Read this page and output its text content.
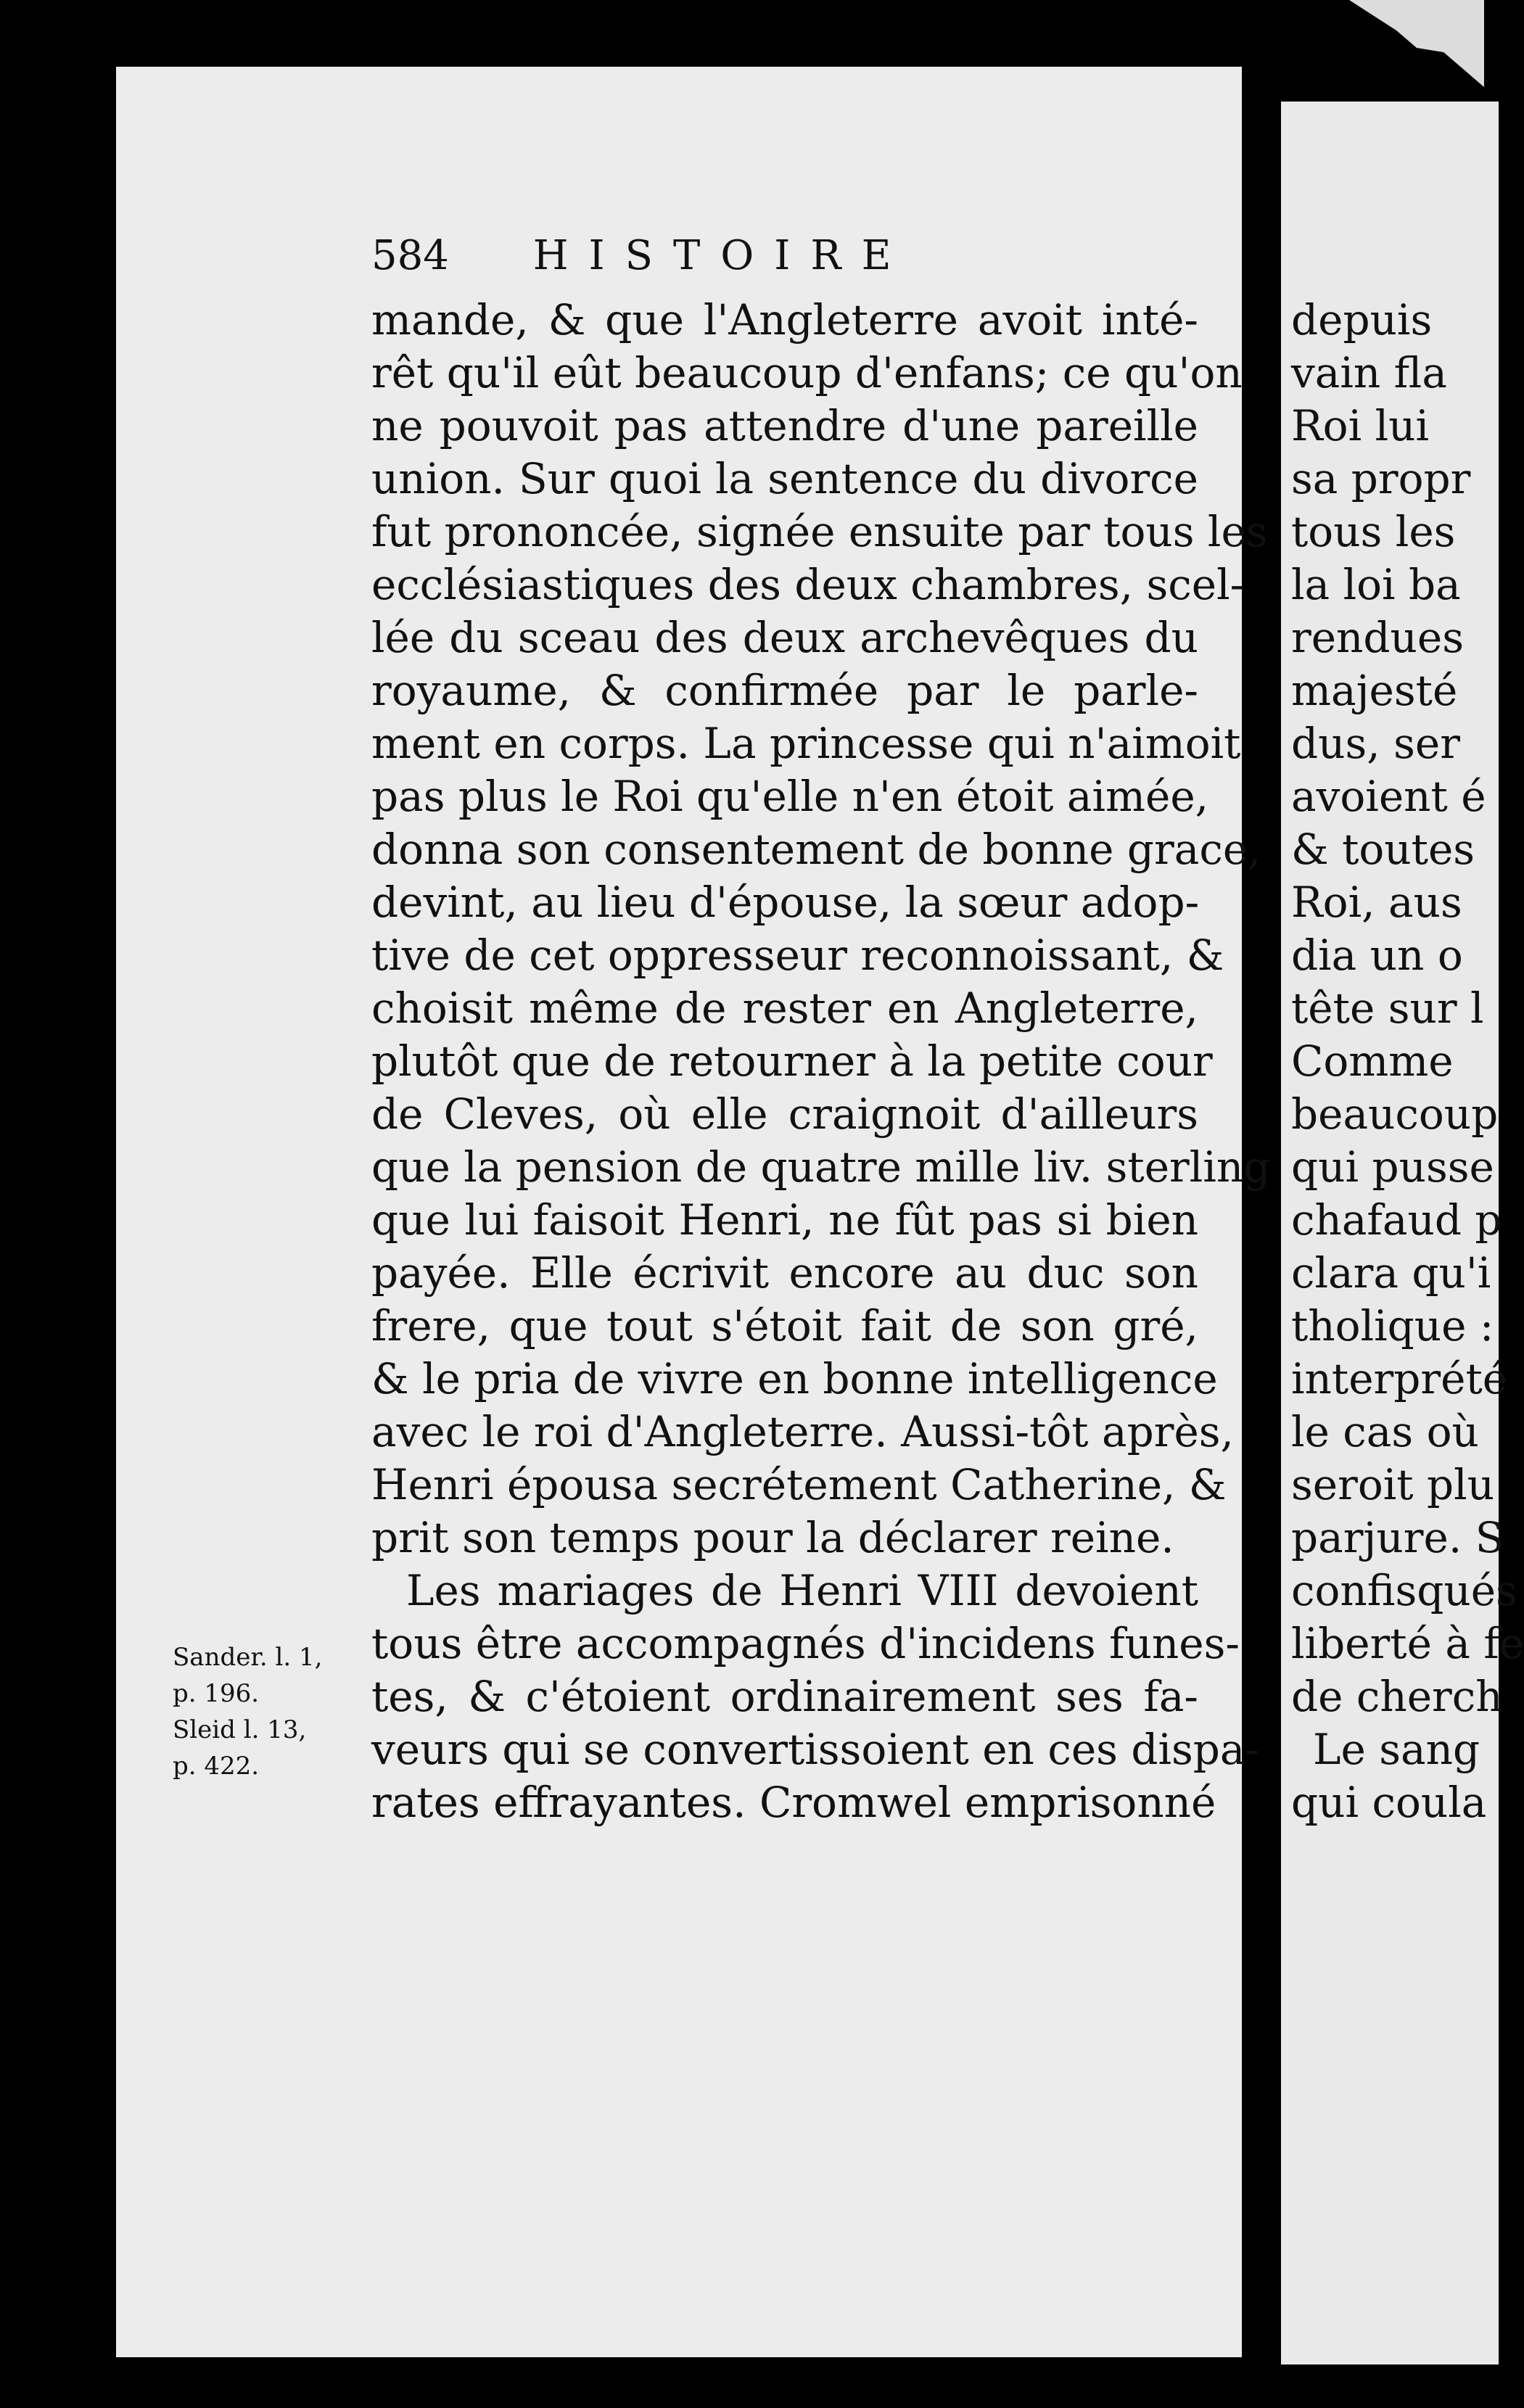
584 HISTOIRE
mande, & que l'Angleterre avoit inté-
rêt qu'il eût beaucoup d'enfans; ce qu'on
ne pouvoit pas attendre d'une pareille
union. Sur quoi la sentence du divorce
fut prononcée, signée ensuite par tous les
ecclésiastiques des deux chambres, scel-
lée du sceau des deux archevêques du
royaume, & confirmée par le parle-
ment en corps. La princesse qui n'aimoit
pas plus le Roi qu'elle n'en étoit aimée,
donna son consentement de bonne grace,
devint, au lieu d'épouse, la sœur adop-
tive de cet oppresseur reconnoissant, &
choisit même de rester en Angleterre,
plutôt que de retourner à la petite cour
de Cleves, où elle craignoit d'ailleurs
que la pension de quatre mille liv. sterling
que lui faisoit Henri, ne fût pas si bien
payée. Elle écrivit encore au duc son
frere, que tout s'étoit fait de son gré,
& le pria de vivre en bonne intelligence
avec le roi d'Angleterre. Aussi-tôt après,
Henri épousa secrétement Catherine, &
prit son temps pour la déclarer reine.
Les mariages de Henri VIII devoient
tous être accompagnés d'incidens funes-
tes, & c'étoient ordinairement ses fa-
veurs qui se convertissoient en ces dispa-
rates effrayantes. Cromwel emprisonné
Sander. l. 1,
p. 196.
Sleid l. 13,
p. 422.
depuis
vain fla
Roi lui
sa propr
tous les
la loi ba
rendues
majesté
dus, ser
avoient é
& toutes
Roi, aus
dia un o
tête sur l
Comme
beaucoup
qui pusse
chafaud p
clara qu'i
tholique :
interprété
le cas où
seroit plu
parjure. S
confisqués
liberté à fe
de cherch
Le sang
qui coula
